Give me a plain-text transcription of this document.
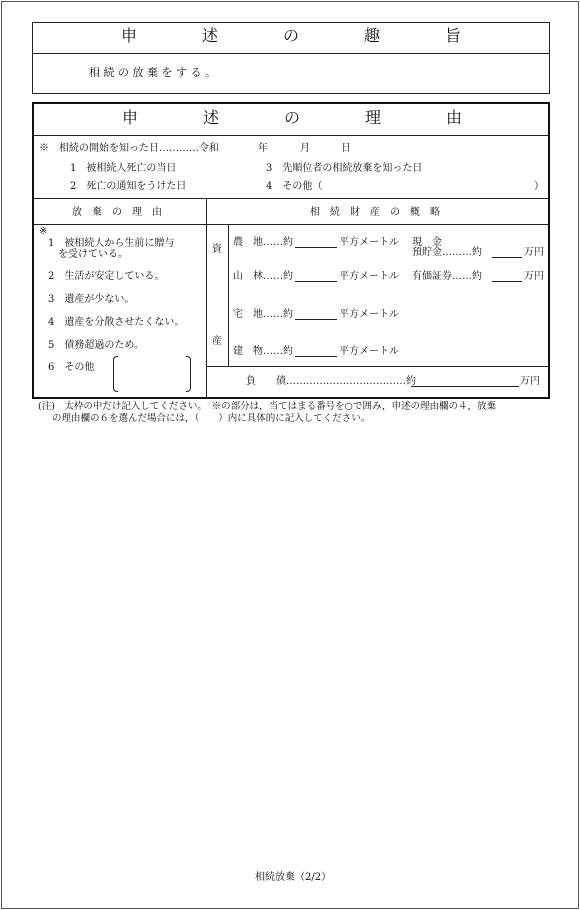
申	述	の	趣	旨
相 続 の 放 棄 を す る 。
申	述	の	理	由
※　相続の開始を知った日…………令和	年	月	日
1　被相続人死亡の当日
2　死亡の通知をうけた日
3　先順位者の相続放棄を知った日
4　その他（	）
放　棄　の　理　由	相　続　財　産　の　概　略
※
1　被相続人から生前に贈与
を受けている。
2　生活が安定している。
3　遺産が少ない。
4　遺産を分散させたくない。
5　債務超過のため。
6　その他
資
産
農　地……約	平方メートル 現　金
預貯金………約	万円
山　林……約	平方メートル 有価証券……約	万円
宅　地……約	平方メートル
建　物……約	平方メートル
負　　債………………………………約	万円
(注)　太枠の中だけ記入してください。　※の部分は，当てはまる番号を○で囲み，申述の理由欄の４，放棄
の理由欄の６を選んだ場合には，（　　）内に具体的に記入してください。
相続放棄（2/2）
